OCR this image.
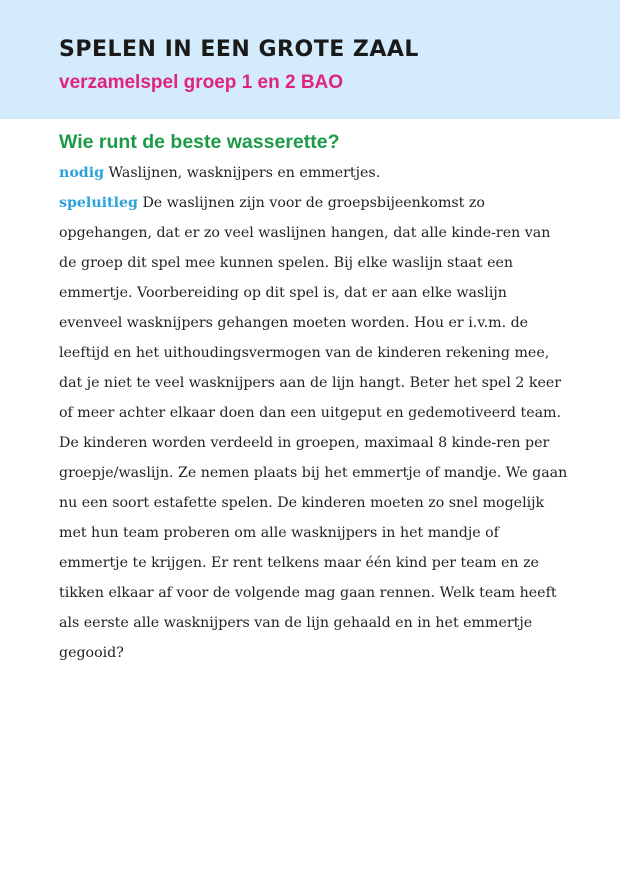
SPELEN IN EEN GROTE ZAAL
verzamelspel groep 1 en 2 BAO
Wie runt de beste wasserette?

nodig Waslijnen, wasknijpers en emmertjes.

speluitleg De waslijnen zijn voor de groepsbijeenkomst zo opgehangen, dat er zo veel waslijnen hangen, dat alle kinde-ren van de groep dit spel mee kunnen spelen. Bij elke waslijn staat een emmertje. Voorbereiding op dit spel is, dat er aan elke waslijn evenveel wasknijpers gehangen moeten worden. Hou er i.v.m. de leeftijd en het uithoudingsvermogen van de kinderen rekening mee, dat je niet te veel wasknijpers aan de lijn hangt. Beter het spel 2 keer of meer achter elkaar doen dan een uitgeput en gedemotiveerd team.

De kinderen worden verdeeld in groepen, maximaal 8 kinde-ren per groepje/waslijn. Ze nemen plaats bij het emmertje of mandje. We gaan nu een soort estafette spelen. De kinderen moeten zo snel mogelijk met hun team proberen om alle wasknijpers in het mandje of emmertje te krijgen. Er rent telkens maar één kind per team en ze tikken elkaar af voor de volgende mag gaan rennen. Welk team heeft als eerste alle wasknijpers van de lijn gehaald en in het emmertje gegooid?
